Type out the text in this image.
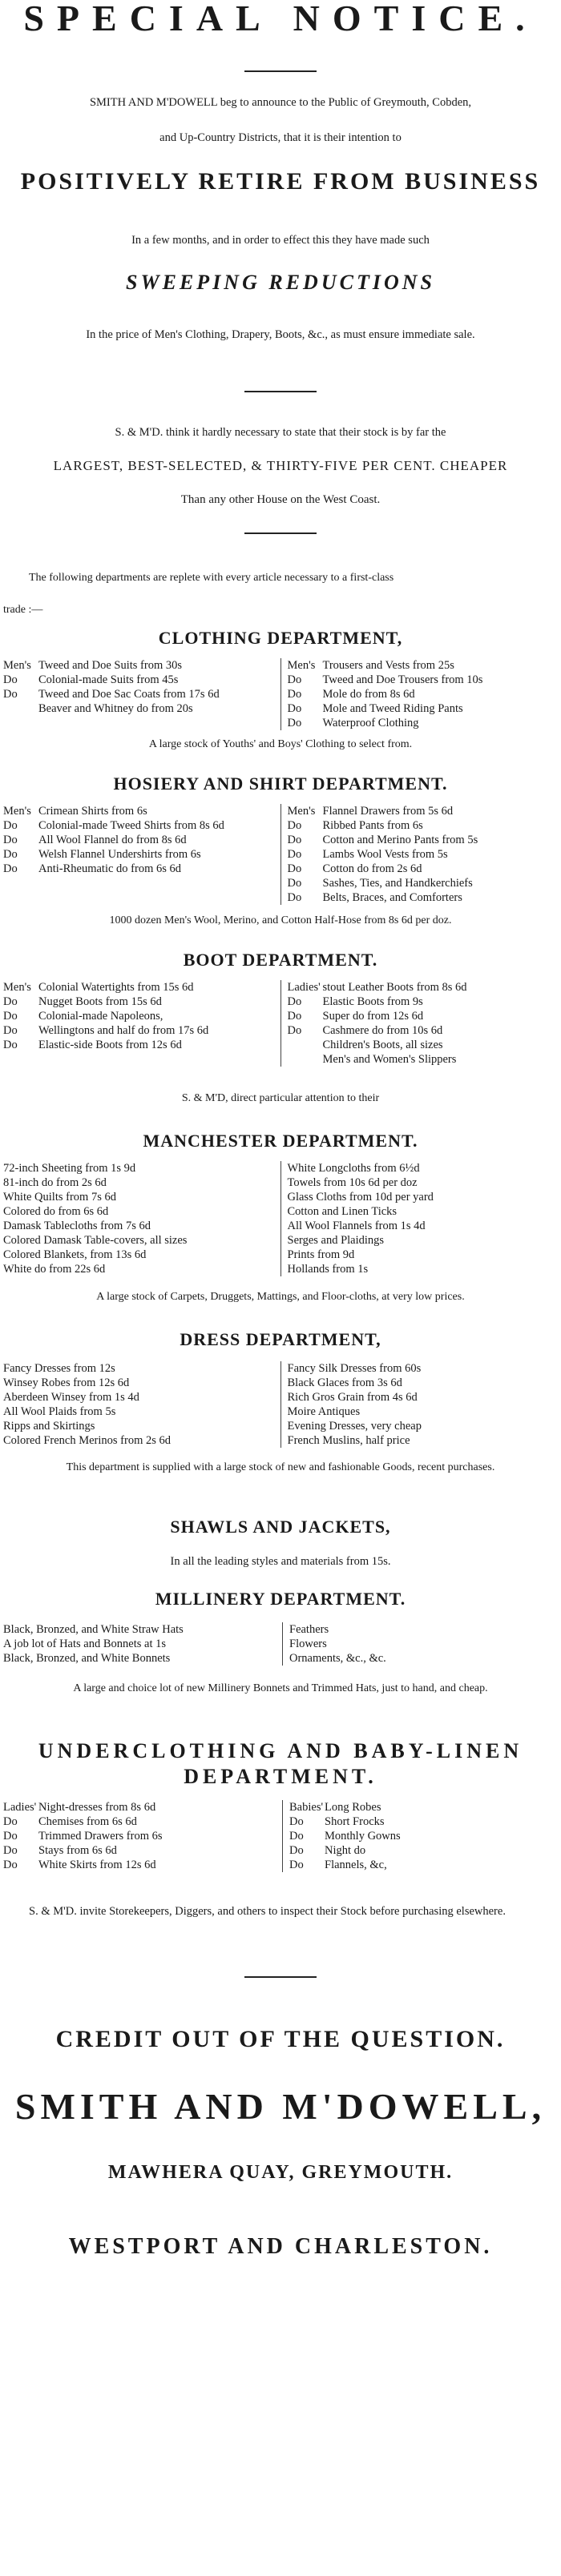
SPECIAL NOTICE.

SMITH AND M'DOWELL beg to announce to the Public of Greymouth, Cobden,

and Up-Country Districts, that it is their intention to

POSITIVELY RETIRE FROM BUSINESS

In a few months, and in order to effect this they have made such

SWEEPING REDUCTIONS

In the price of Men's Clothing, Drapery, Boots, &c., as must ensure immediate sale.

S. & M'D. think it hardly necessary to state that their stock is by far the

LARGEST, BEST-SELECTED, & THIRTY-FIVE PER CENT. CHEAPER

Than any other House on the West Coast.

The following departments are replete with every article necessary to a first-class

trade :—

CLOTHING DEPARTMENT,
Men's Tweed and Doe Suits from 30s
Do	Colonial-made Suits from 45s
Do	Tweed and Doe Sac Coats from 17s 6d
Beaver and Whitney do from 20s
Men's Trousers and Vests from 25s
Do	Tweed and Doe Trousers from 10s
Do	Mole do from 8s 6d
Do	Mole and Tweed Riding Pants
Do	Waterproof Clothing

A large stock of Youths' and Boys' Clothing to select from.

HOSIERY AND SHIRT DEPARTMENT.
Men's Crimean Shirts from 6s
Do	Colonial-made Tweed Shirts from 8s 6d
Do	All Wool Flannel do from 8s 6d
Do	Welsh Flannel Undershirts from 6s
Do	Anti-Rheumatic do from 6s 6d
Men's Flannel Drawers from 5s 6d
Do	Ribbed Pants from 6s
Do	Cotton and Merino Pants from 5s
Do	Lambs Wool Vests from 5s
Do	Cotton do from 2s 6d
Do	Sashes, Ties, and Handkerchiefs
Do	Belts, Braces, and Comforters

1000 dozen Men's Wool, Merino, and Cotton Half-Hose from 8s 6d per doz.

BOOT DEPARTMENT.
Men's Colonial Watertights from 15s 6d
Do	Nugget Boots from 15s 6d
Do	Colonial-made Napoleons,
Do	Wellingtons and half do from 17s 6d
Do	Elastic-side Boots from 12s 6d
Ladies' stout Leather Boots from 8s 6d
Do	Elastic Boots from 9s
Do	Super do from 12s 6d
Do	Cashmere do from 10s 6d
Children's Boots, all sizes
Men's and Women's Slippers

S. & M'D, direct particular attention to their

MANCHESTER DEPARTMENT.
72-inch Sheeting from 1s 9d
81-inch do from 2s 6d
White Quilts from 7s 6d
Colored do from 6s 6d
Damask Tablecloths from 7s 6d
Colored Damask Table-covers, all sizes
Colored Blankets, from 13s 6d
White do from 22s 6d
White Longcloths from 6½d
Towels from 10s 6d per doz
Glass Cloths from 10d per yard
Cotton and Linen Ticks
All Wool Flannels from 1s 4d
Serges and Plaidings
Prints from 9d
Hollands from 1s

A large stock of Carpets, Druggets, Mattings, and Floor-cloths, at very low prices.

DRESS DEPARTMENT,
Fancy Dresses from 12s
Winsey Robes from 12s 6d
Aberdeen Winsey from 1s 4d
All Wool Plaids from 5s
Ripps and Skirtings
Colored French Merinos from 2s 6d
Fancy Silk Dresses from 60s
Black Glaces from 3s 6d
Rich Gros Grain from 4s 6d
Moire Antiques
Evening Dresses, very cheap
French Muslins, half price

This department is supplied with a large stock of new and fashionable Goods, recent purchases.

SHAWLS AND JACKETS,

In all the leading styles and materials from 15s.

MILLINERY DEPARTMENT.
Black, Bronzed, and White Straw Hats
A job lot of Hats and Bonnets at 1s
Black, Bronzed, and White Bonnets
Feathers
Flowers
Ornaments, &c., &c.

A large and choice lot of new Millinery Bonnets and Trimmed Hats, just to hand, and cheap.

UNDERCLOTHING AND BABY-LINEN
DEPARTMENT.
Ladies' Night-dresses from 8s 6d
Do	Chemises from 6s 6d
Do	Trimmed Drawers from 6s
Do	Stays from 6s 6d
Do	White Skirts from 12s 6d
Babies' Long Robes
Do	Short Frocks
Do	Monthly Gowns
Do	Night do
Do	Flannels, &c,

S. & M'D. invite Storekeepers, Diggers, and others to inspect their Stock before purchasing elsewhere.

CREDIT OUT OF THE QUESTION.
SMITH AND M'DOWELL,
MAWHERA QUAY, GREYMOUTH.
WESTPORT AND CHARLESTON.
